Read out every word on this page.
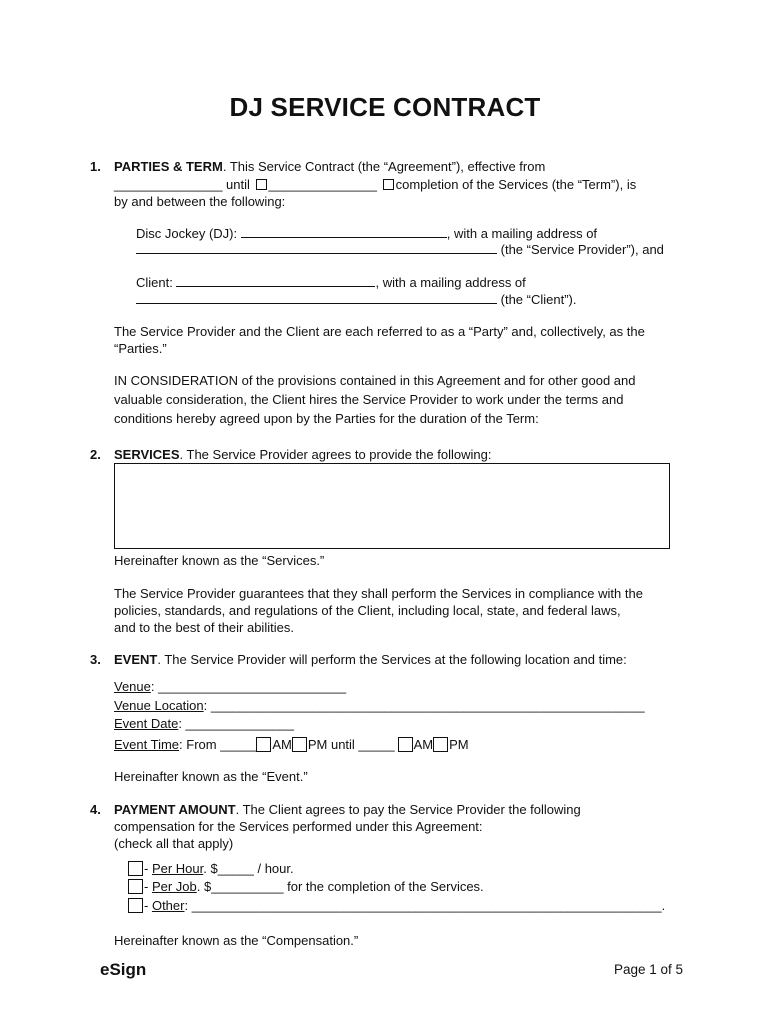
DJ SERVICE CONTRACT
1. PARTIES & TERM. This Service Contract (the “Agreement”), effective from
_______________ until _______________ completion of the Services (the “Term”), is
by and between the following:
Disc Jockey (DJ):	, with a mailing address of
(the “Service Provider”), and
Client:	, with a mailing address of
(the “Client”).
The Service Provider and the Client are each referred to as a “Party” and, collectively, as the
“Parties.”
IN CONSIDERATION of the provisions contained in this Agreement and for other good and
valuable consideration, the Client hires the Service Provider to work under the terms and
conditions hereby agreed upon by the Parties for the duration of the Term:
2. SERVICES. The Service Provider agrees to provide the following:
Hereinafter known as the “Services.”
The Service Provider guarantees that they shall perform the Services in compliance with the
policies, standards, and regulations of the Client, including local, state, and federal laws,
and to the best of their abilities.
3. EVENT. The Service Provider will perform the Services at the following location and time:
Venue: __________________________
Venue Location: ____________________________________________________________
Event Date: _______________
Event Time: From _____ AM PM until _____ AM PM
Hereinafter known as the “Event.”
4. PAYMENT AMOUNT. The Client agrees to pay the Service Provider the following
compensation for the Services performed under this Agreement:
(check all that apply)
- Per Hour. $_____ / hour.
- Per Job. $__________ for the completion of the Services.
- Other: _________________________________________________________________.
Hereinafter known as the “Compensation.”
eSign	Page 1 of 5
